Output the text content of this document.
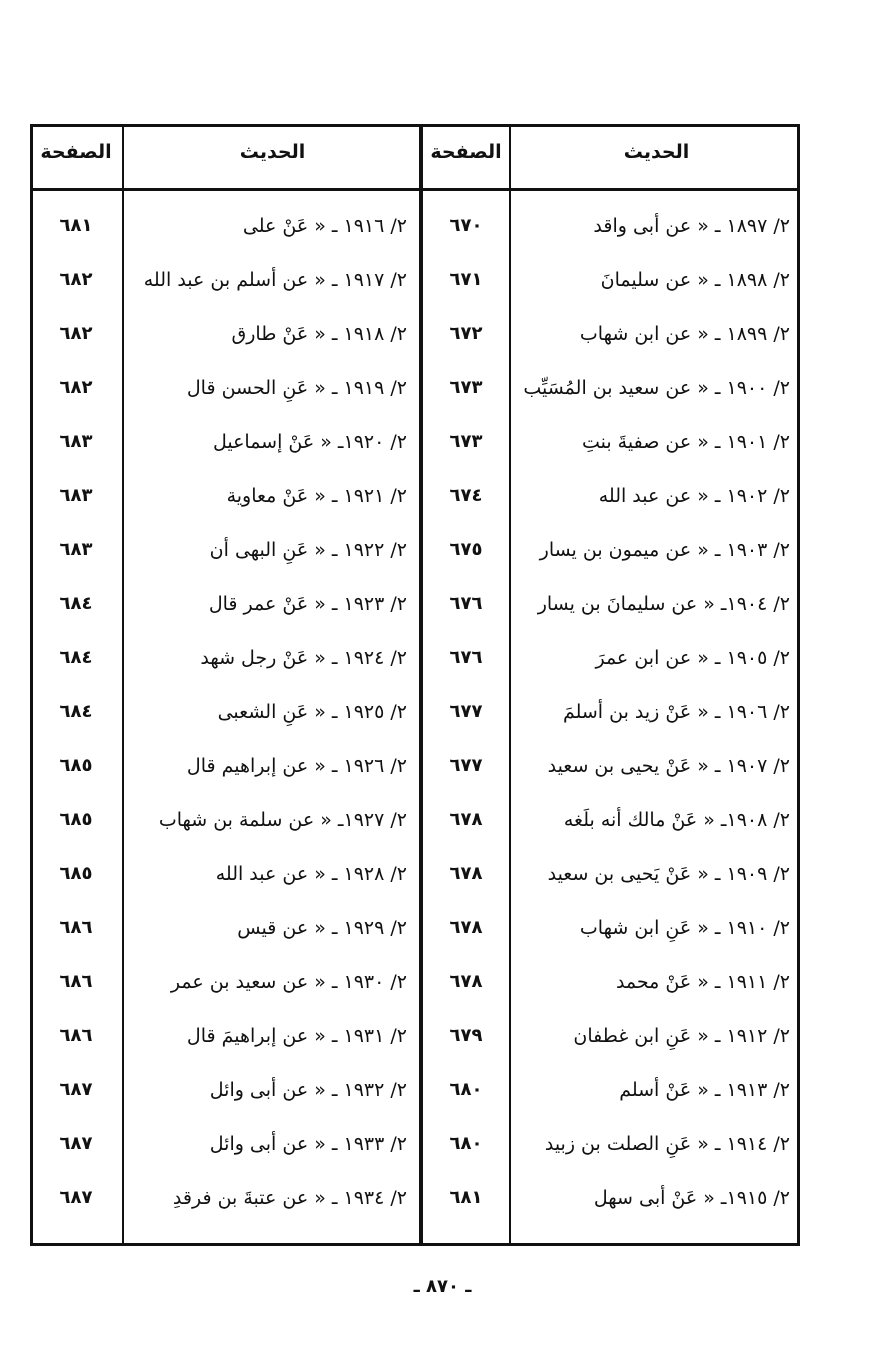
الحديث
الصفحة
٢/ ١٨٩٧ ـ « عن أبى واقد
٦٧٠
٢/ ١٨٩٨ ـ « عن سليمانَ
٦٧١
٢/ ١٨٩٩ ـ « عن ابن شهاب
٦٧٢
٢/ ١٩٠٠ ـ « عن سعيد بن المُسَيِّب
٦٧٣
٢/ ١٩٠١ ـ « عن صفيةَ بنتِ
٦٧٣
٢/ ١٩٠٢ ـ « عن عبد الله
٦٧٤
٢/ ١٩٠٣ ـ « عن ميمون بن يسار
٦٧٥
٢/ ١٩٠٤ـ « عن سليمانَ بن يسار
٦٧٦
٢/ ١٩٠٥ ـ « عن ابن عمرَ
٦٧٦
٢/ ١٩٠٦ ـ « عَنْ زيد بن أسلمَ
٦٧٧
٢/ ١٩٠٧ ـ « عَنْ يحيى بن سعيد
٦٧٧
٢/ ١٩٠٨ـ « عَنْ مالك أنه بلَغه
٦٧٨
٢/ ١٩٠٩ ـ « عَنْ يَحيى بن سعيد
٦٧٨
٢/ ١٩١٠ ـ « عَنِ ابن شهاب
٦٧٨
٢/ ١٩١١ ـ « عَنْ محمد
٦٧٨
٢/ ١٩١٢ ـ « عَنِ ابن غطفان
٦٧٩
٢/ ١٩١٣ ـ « عَنْ أسلم
٦٨٠
٢/ ١٩١٤ ـ « عَنِ الصلت بن زبيد
٦٨٠
٢/ ١٩١٥ـ « عَنْ أبى سهل
٦٨١
الحديث
الصفحة
٢/ ١٩١٦ ـ « عَنْ على
٦٨١
٢/ ١٩١٧ ـ « عن أسلم بن عبد الله
٦٨٢
٢/ ١٩١٨ ـ « عَنْ طارق
٦٨٢
٢/ ١٩١٩ ـ « عَنِ الحسن قال
٦٨٢
٢/ ١٩٢٠ـ « عَنْ إسماعيل
٦٨٣
٢/ ١٩٢١ ـ « عَنْ معاوية
٦٨٣
٢/ ١٩٢٢ ـ « عَنِ البهى أن
٦٨٣
٢/ ١٩٢٣ ـ « عَنْ عمر قال
٦٨٤
٢/ ١٩٢٤ ـ « عَنْ رجل شهد
٦٨٤
٢/ ١٩٢٥ ـ « عَنِ الشعبى
٦٨٤
٢/ ١٩٢٦ ـ « عن إبراهيم قال
٦٨٥
٢/ ١٩٢٧ـ « عن سلمة بن شهاب
٦٨٥
٢/ ١٩٢٨ ـ « عن عبد الله
٦٨٥
٢/ ١٩٢٩ ـ « عن قيس
٦٨٦
٢/ ١٩٣٠ ـ « عن سعيد بن عمر
٦٨٦
٢/ ١٩٣١ ـ « عن إبراهيمَ قال
٦٨٦
٢/ ١٩٣٢ ـ « عن أبى وائل
٦٨٧
٢/ ١٩٣٣ ـ « عن أبى وائل
٦٨٧
٢/ ١٩٣٤ ـ « عن عتبةَ بن فرقدِ
٦٨٧
ـ ٨٧٠ ـ
